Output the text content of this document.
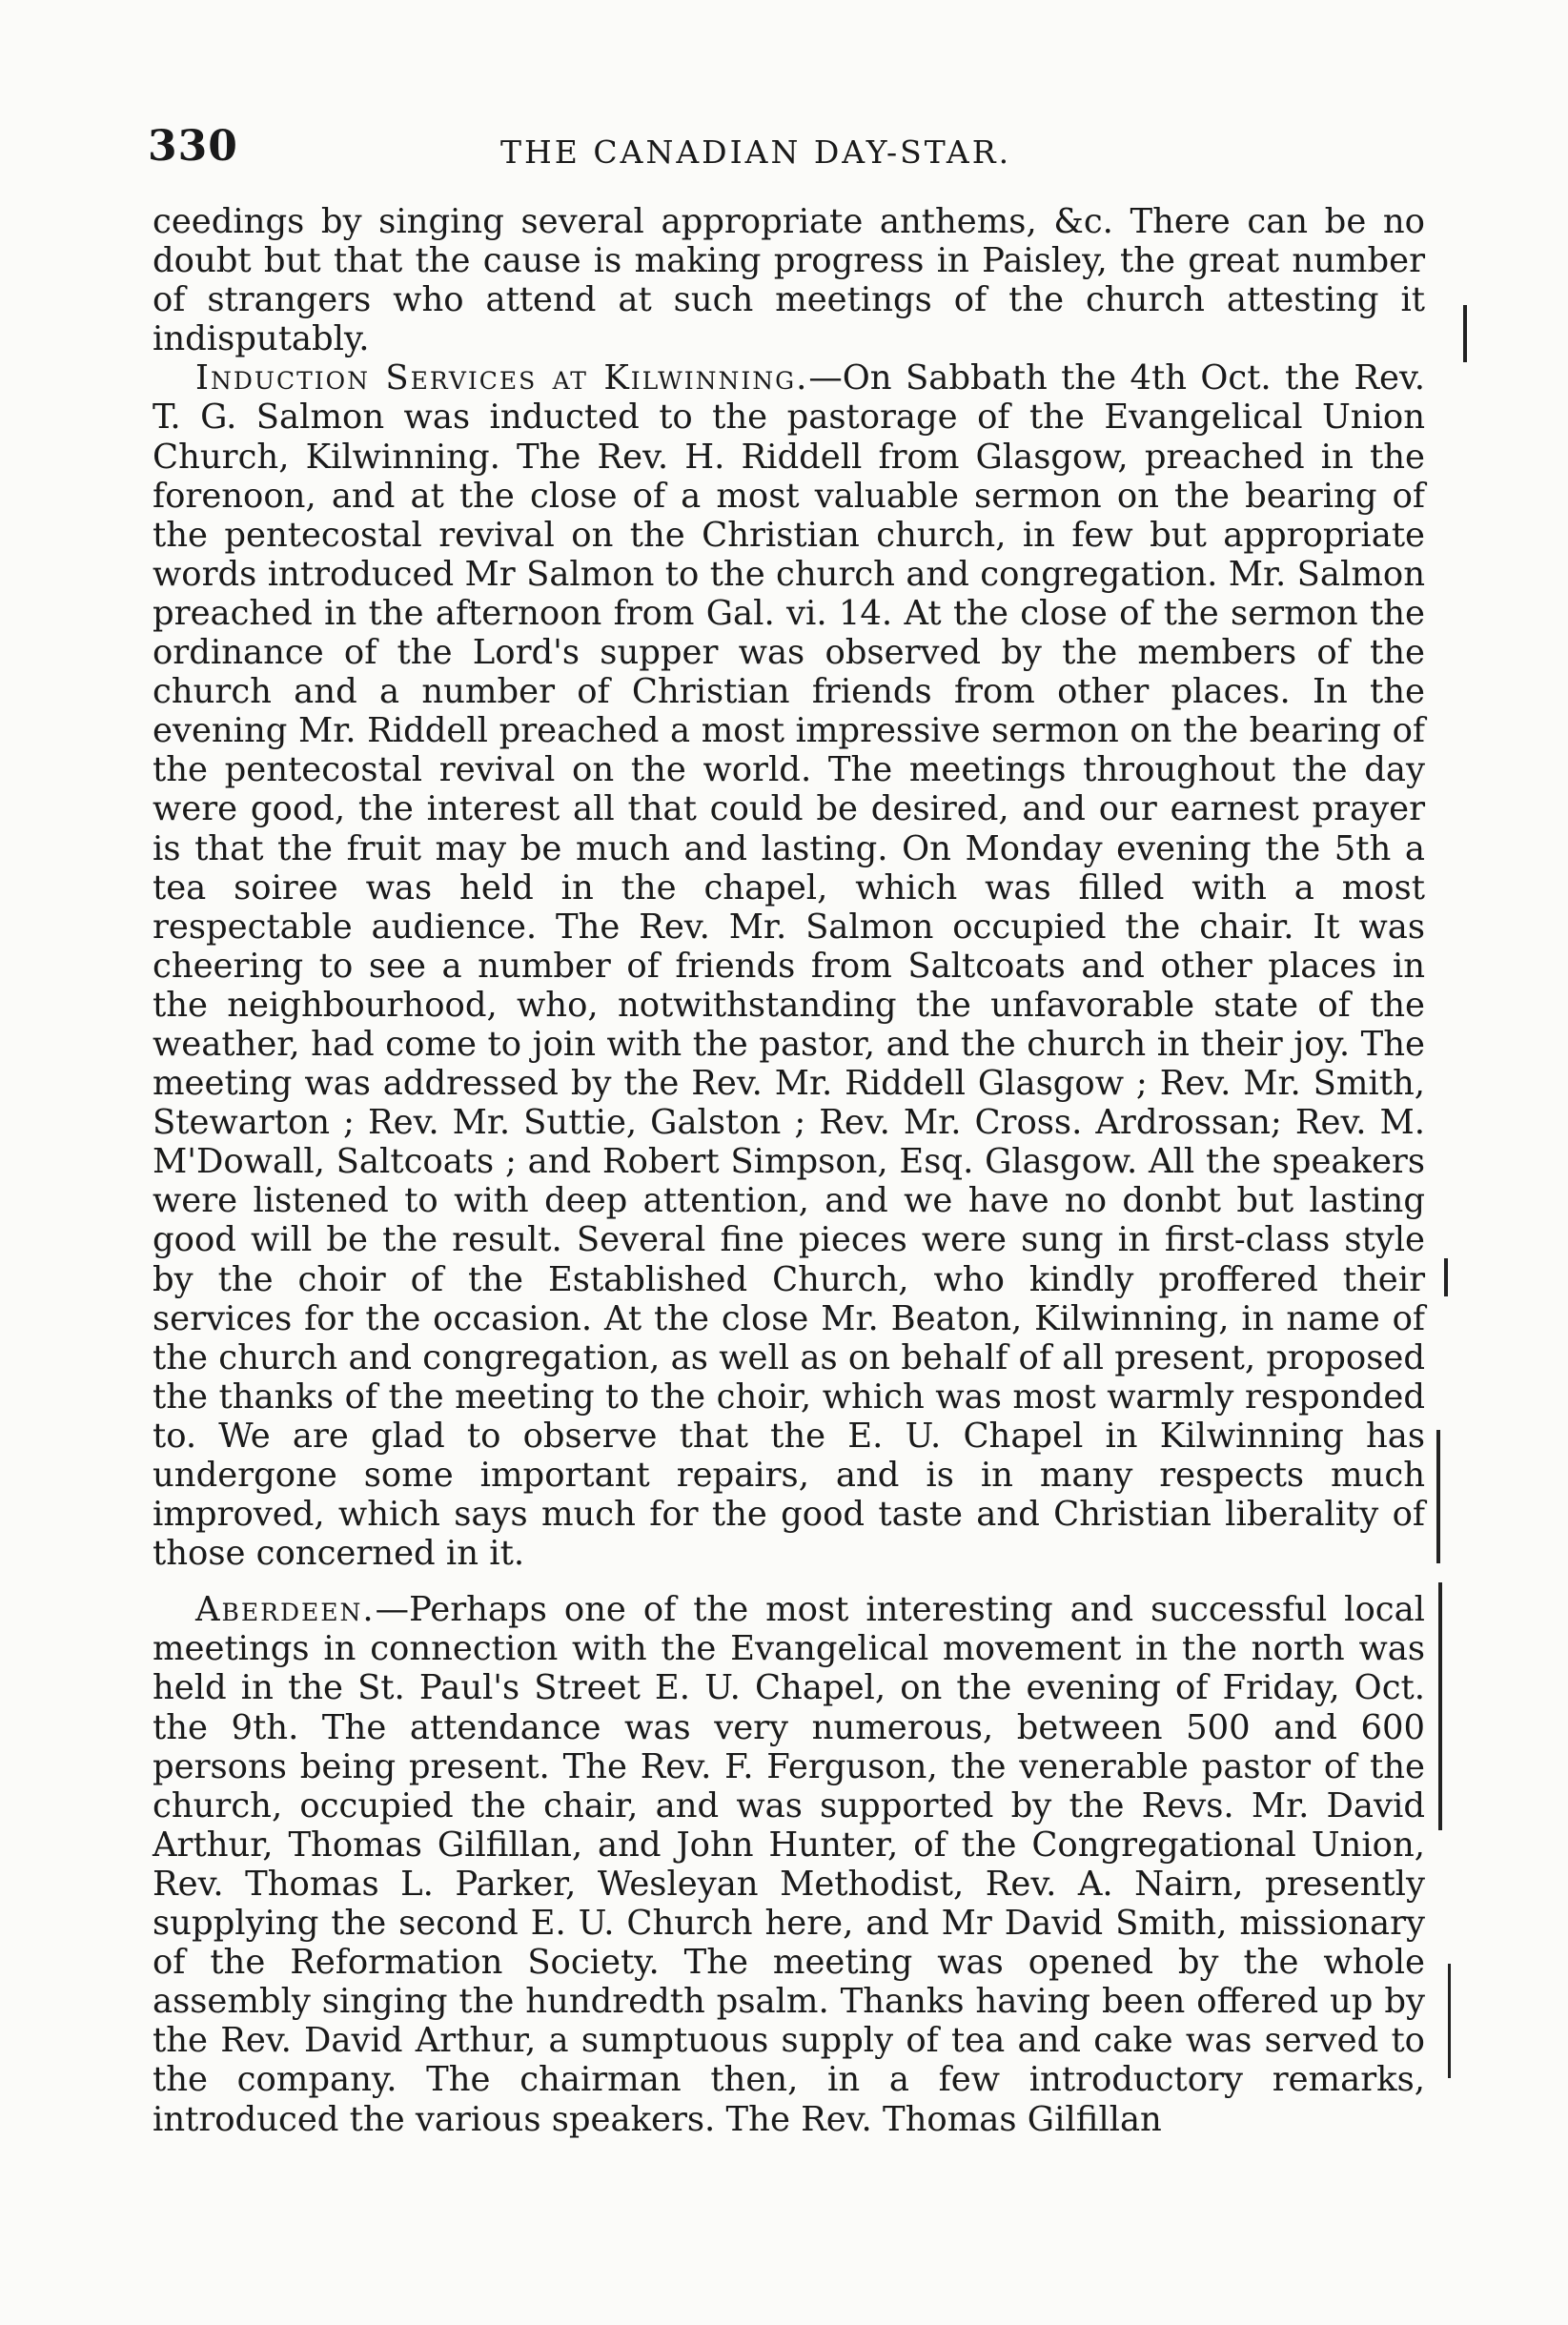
330	THE CANADIAN DAY-STAR.

ceedings by singing several appropriate anthems, &c. There can be no doubt but that the cause is making progress in Paisley, the great number of strangers who attend at such meetings of the church attesting it indisputably.

Induction Services at Kilwinning.—On Sabbath the 4th Oct. the Rev. T. G. Salmon was inducted to the pastorage of the Evangelical Union Church, Kilwinning. The Rev. H. Riddell from Glasgow, preached in the forenoon, and at the close of a most valuable sermon on the bearing of the pentecostal revival on the Christian church, in few but appropriate words introduced Mr Salmon to the church and congregation. Mr. Salmon preached in the afternoon from Gal. vi. 14. At the close of the sermon the ordinance of the Lord's supper was observed by the members of the church and a number of Christian friends from other places. In the evening Mr. Riddell preached a most impressive sermon on the bearing of the pentecostal revival on the world. The meetings throughout the day were good, the interest all that could be desired, and our earnest prayer is that the fruit may be much and lasting. On Monday evening the 5th a tea soiree was held in the chapel, which was filled with a most respectable audience. The Rev. Mr. Salmon occupied the chair. It was cheering to see a number of friends from Saltcoats and other places in the neighbourhood, who, notwithstanding the unfavorable state of the weather, had come to join with the pastor, and the church in their joy. The meeting was addressed by the Rev. Mr. Riddell Glasgow ; Rev. Mr. Smith, Stewarton ; Rev. Mr. Suttie, Galston ; Rev. Mr. Cross. Ardrossan; Rev. M. M'Dowall, Saltcoats ; and Robert Simpson, Esq. Glasgow. All the speakers were listened to with deep attention, and we have no donbt but lasting good will be the result. Several fine pieces were sung in first-class style by the choir of the Established Church, who kindly proffered their services for the occasion. At the close Mr. Beaton, Kilwinning, in name of the church and congregation, as well as on behalf of all present, proposed the thanks of the meeting to the choir, which was most warmly responded to. We are glad to observe that the E. U. Chapel in Kilwinning has undergone some important repairs, and is in many respects much improved, which says much for the good taste and Christian liberality of those concerned in it.

Aberdeen.—Perhaps one of the most interesting and successful local meetings in connection with the Evangelical movement in the north was held in the St. Paul's Street E. U. Chapel, on the evening of Friday, Oct. the 9th. The attendance was very numerous, between 500 and 600 persons being present. The Rev. F. Ferguson, the venerable pastor of the church, occupied the chair, and was supported by the Revs. Mr. David Arthur, Thomas Gilfillan, and John Hunter, of the Congregational Union, Rev. Thomas L. Parker, Wesleyan Methodist, Rev. A. Nairn, presently supplying the second E. U. Church here, and Mr David Smith, missionary of the Reformation Society. The meeting was opened by the whole assembly singing the hundredth psalm. Thanks having been offered up by the Rev. David Arthur, a sumptuous supply of tea and cake was served to the company. The chairman then, in a few introductory remarks, introduced the various speakers. The Rev. Thomas Gilfillan
